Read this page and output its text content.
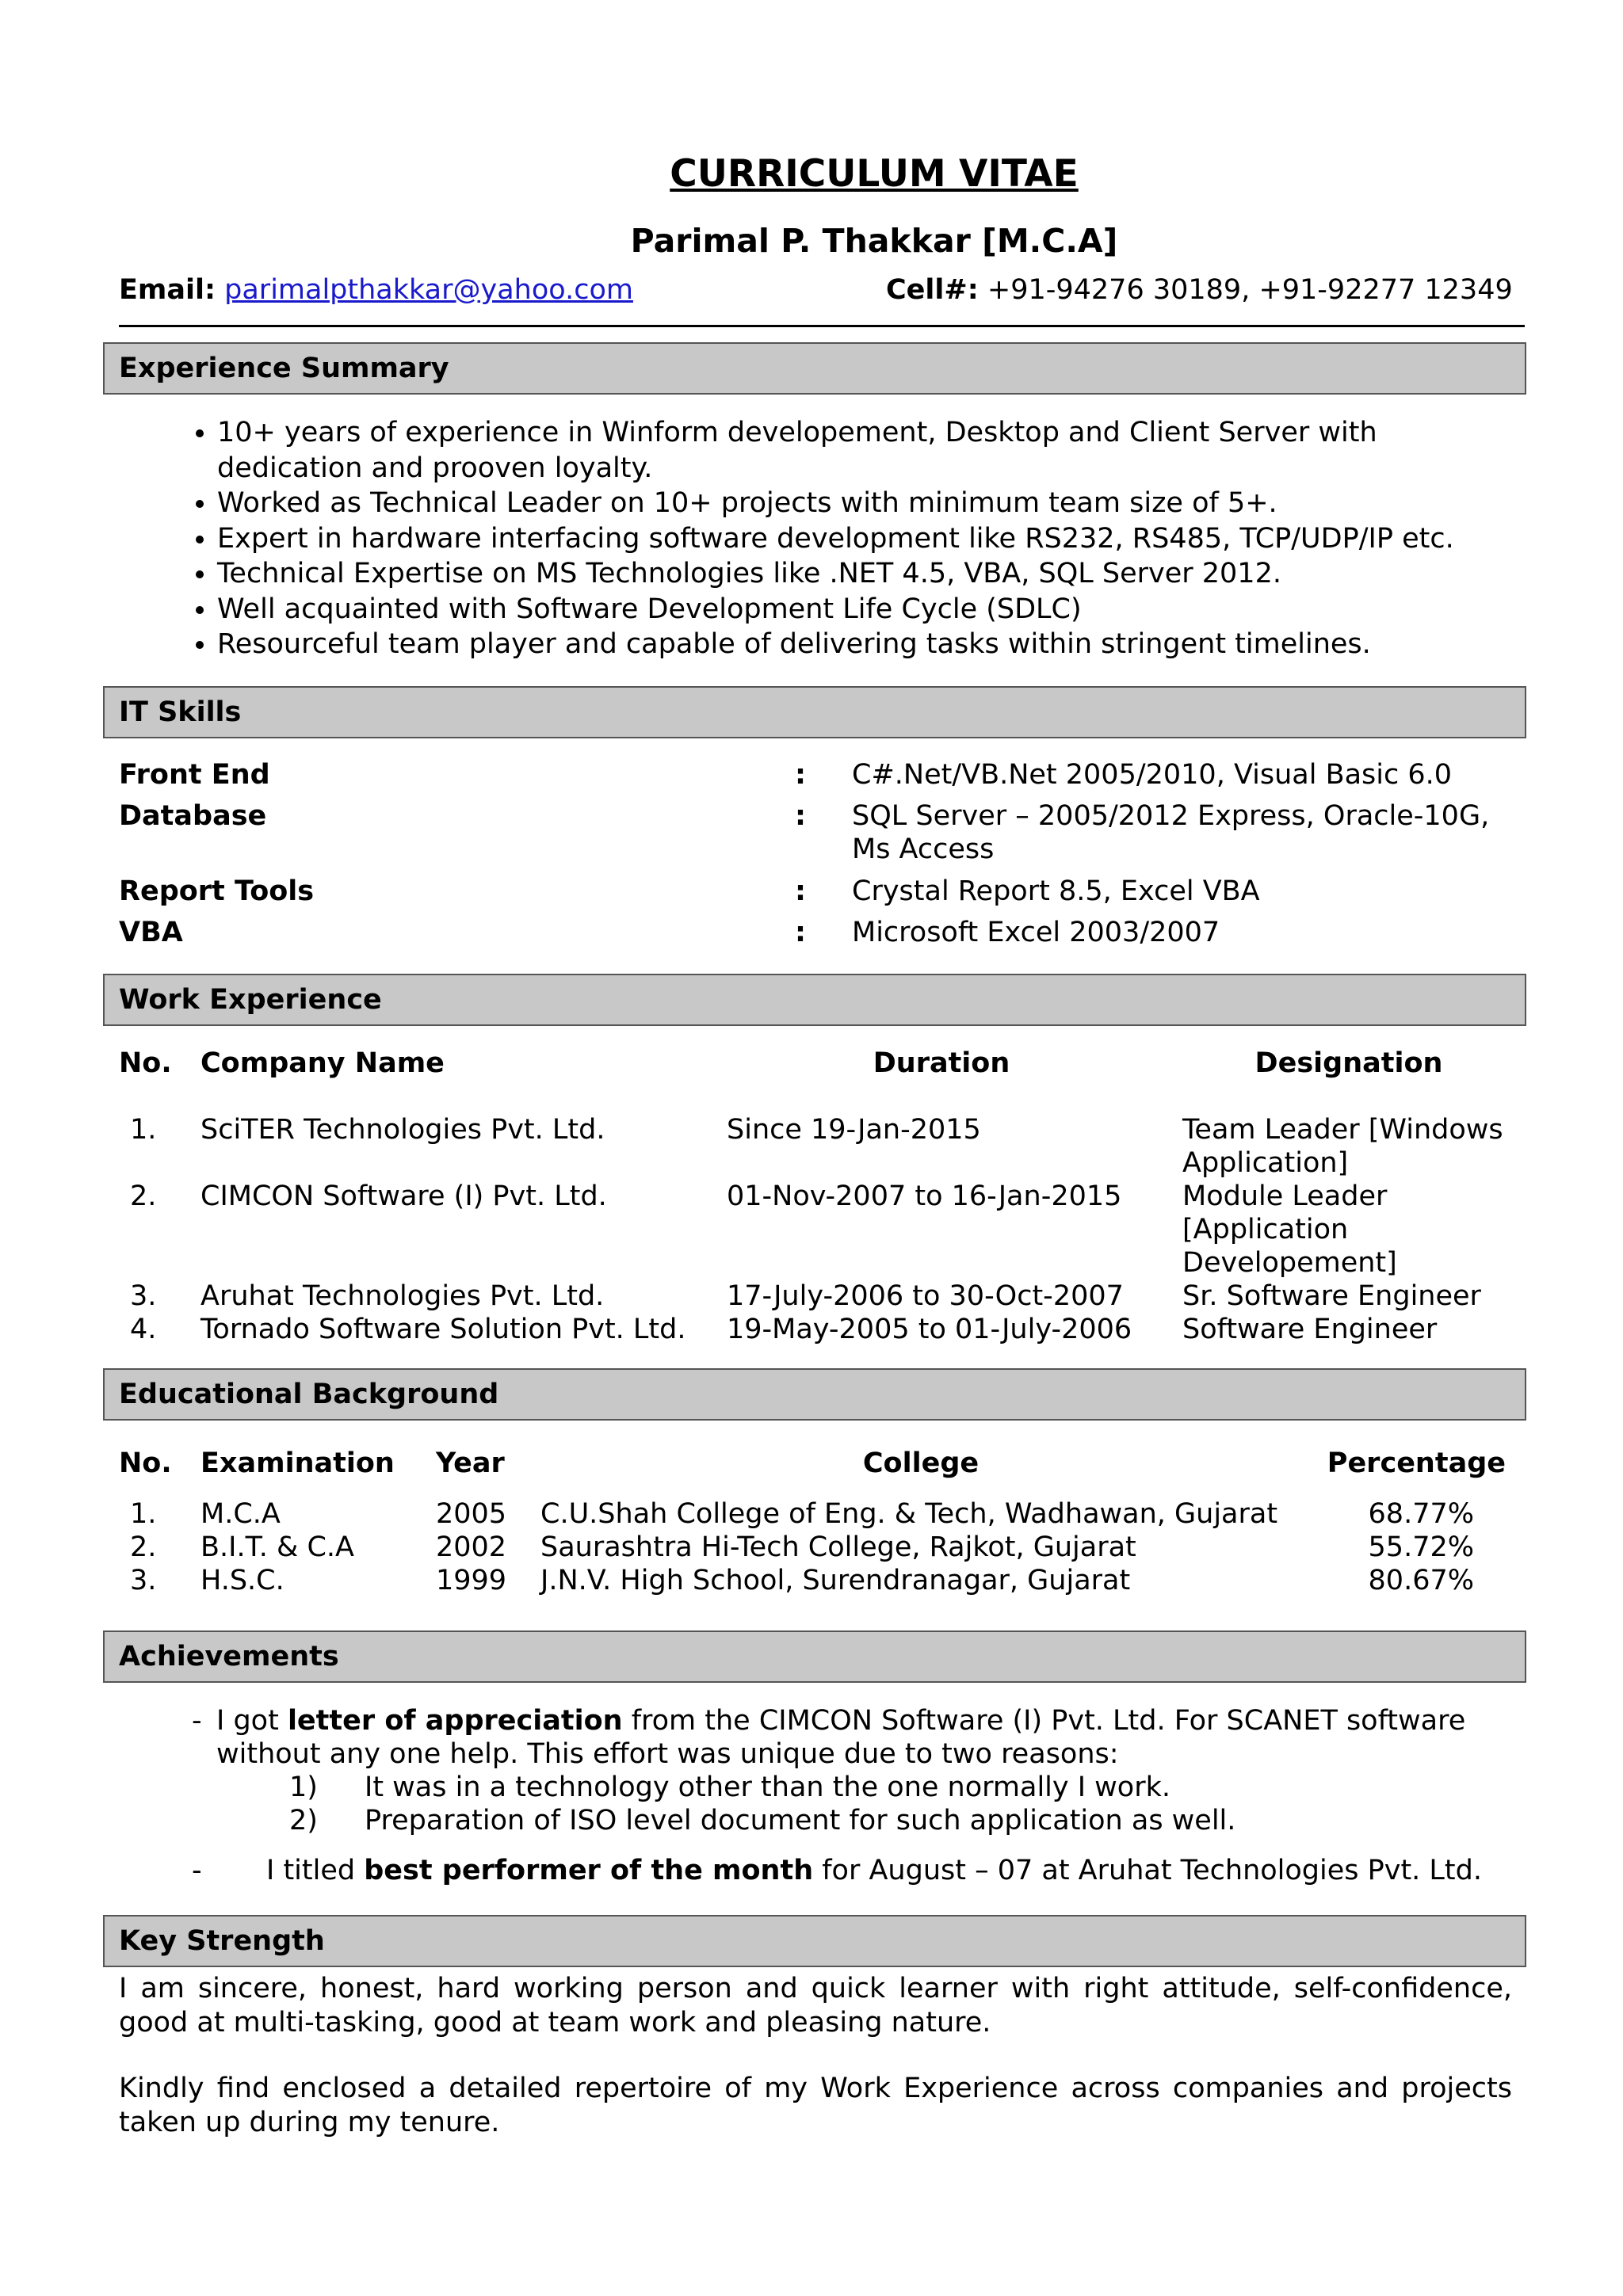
CURRICULUM VITAE
Parimal P. Thakkar [M.C.A]
Email: parimalpthakkar@yahoo.com	Cell#: +91-94276 30189, +91-92277 12349
Experience Summary
• 10+ years of experience in Winform developement, Desktop and Client Server with dedication and prooven loyalty.
• Worked as Technical Leader on 10+ projects with minimum team size of 5+.
• Expert in hardware interfacing software development like RS232, RS485, TCP/UDP/IP etc.
• Technical Expertise on MS Technologies like .NET 4.5, VBA, SQL Server 2012.
• Well acquainted with Software Development Life Cycle (SDLC)
• Resourceful team player and capable of delivering tasks within stringent timelines.
IT Skills
Front End	: C#.Net/VB.Net 2005/2010, Visual Basic 6.0
Database	: SQL Server – 2005/2012 Express, Oracle-10G,
Ms Access
Report Tools	: Crystal Report 8.5, Excel VBA
VBA	: Microsoft Excel 2003/2007
Work Experience
No. Company Name	Duration	Designation
1. SciTER Technologies Pvt. Ltd.	Since 19-Jan-2015	Team Leader [Windows
Application]
2. CIMCON Software (I) Pvt. Ltd.	01-Nov-2007 to 16-Jan-2015 Module Leader
[Application
Developement]
3. Aruhat Technologies Pvt. Ltd.	17-July-2006 to 30-Oct-2007 Sr. Software Engineer
4. Tornado Software Solution Pvt. Ltd. 19-May-2005 to 01-July-2006 Software Engineer
Educational Background
No. Examination Year	College	Percentage
1. M.C.A	2005 C.U.Shah College of Eng. & Tech, Wadhawan, Gujarat	68.77%
2. B.I.T. & C.A	2002 Saurashtra Hi-Tech College, Rajkot, Gujarat	55.72%
3. H.S.C.	1999 J.N.V. High School, Surendranagar, Gujarat	80.67%
Achievements
- I got letter of appreciation from the CIMCON Software (I) Pvt. Ltd. For SCANET software
without any one help. This effort was unique due to two reasons:
1) It was in a technology other than the one normally I work.
2) Preparation of ISO level document for such application as well.
- I titled best performer of the month for August – 07 at Aruhat Technologies Pvt. Ltd.
Key Strength
I am sincere, honest, hard working person and quick learner with right attitude, self-confidence, good at multi-tasking, good at team work and pleasing nature.
Kindly find enclosed a detailed repertoire of my Work Experience across companies and projects taken up during my tenure.
